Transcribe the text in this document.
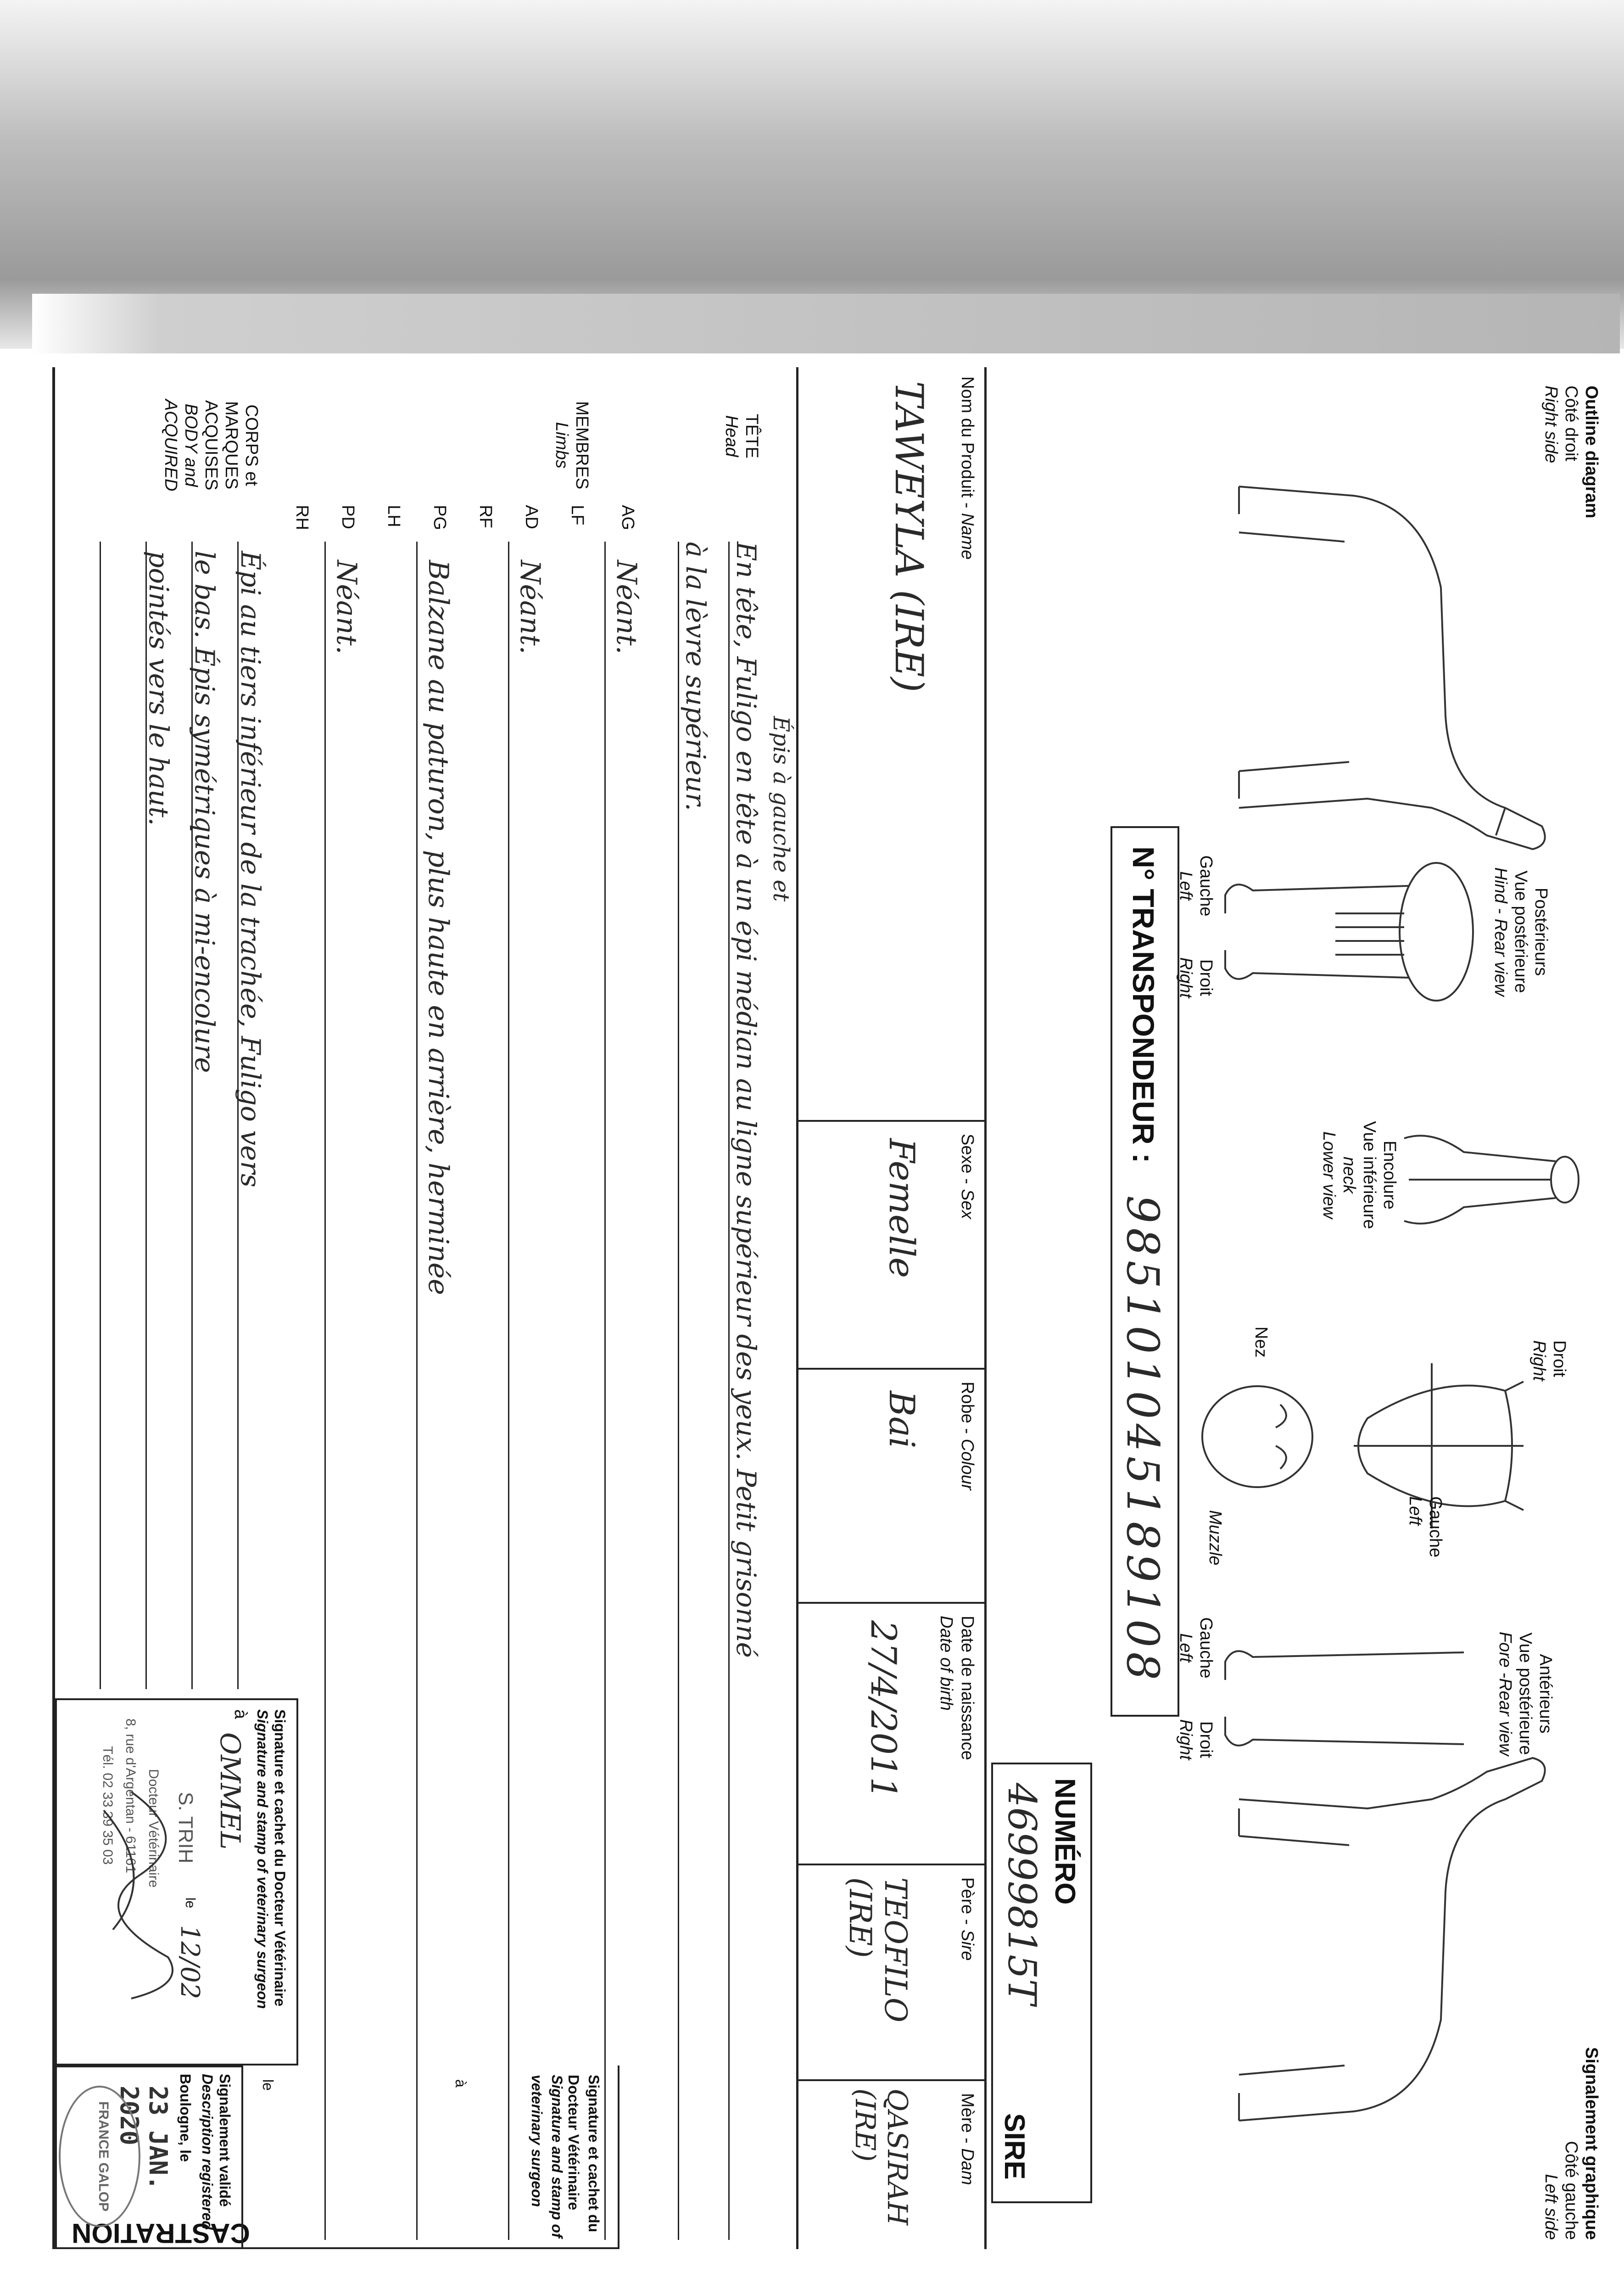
Outline diagram
Côté droit
Right side
Postérieurs
Vue postérieure
Hind - Rear view
Gauche
Left
Droit
Right
Encolure
Vue inférieure
neck
Lower view
Droit
Right
Gauche
Left
Nez
Muzzle
Antérieurs
Vue postérieure
Fore -Rear view
Gauche
Left
Droit
Right
Signalement graphique
Côté gauche
Left side
N° TRANSPONDEUR :
985101045189108
NUMÉRO
SIRE
46999815T
Nom du Produit - Name
TAWEYLA (IRE)
Sexe - Sex
Femelle
Robe - Colour
Bai
Date de naissance
Date of birth
27/4/2011
Père - Sire
TEOFILO (IRE)
Mère - Dam
QASIRAH (IRE)
TÊTE
Head
Épis à gauche et
En tête, Fuligo en tête à un épi médian au ligne supérieur des yeux. Petit grisonné
à la lèvre supérieur.
MEMBRES
Limbs
AG
LF
Néant.
AD
RF
Néant.
PG
LH
Balzane au paturon, plus haute en arrière, herminée
PD
RH
Néant.
CORPS et
MARQUES
ACQUISES
BODY and
ACQUIRED
Épi au tiers inférieur de la trachée, Fuligo vers
le bas. Épis symétriques à mi-encolure
pointés vers le haut.
Signature et cachet du Docteur Vétérinaire
Signature and stamp of veterinary surgeon
à
OMMEL
le
12/02
S. TRIH
Docteur Vétérinaire
8, rue d'Argentan - 61161
Tél. 02 33 39 35 03
CASTRATION
Signature et cachet du Docteur Vétérinaire
Signature and stamp of veterinary surgeon
à
le
Signalement validé
Description registered
Boulogne, le
23 JAN. 2020
FRANCE GALOP
